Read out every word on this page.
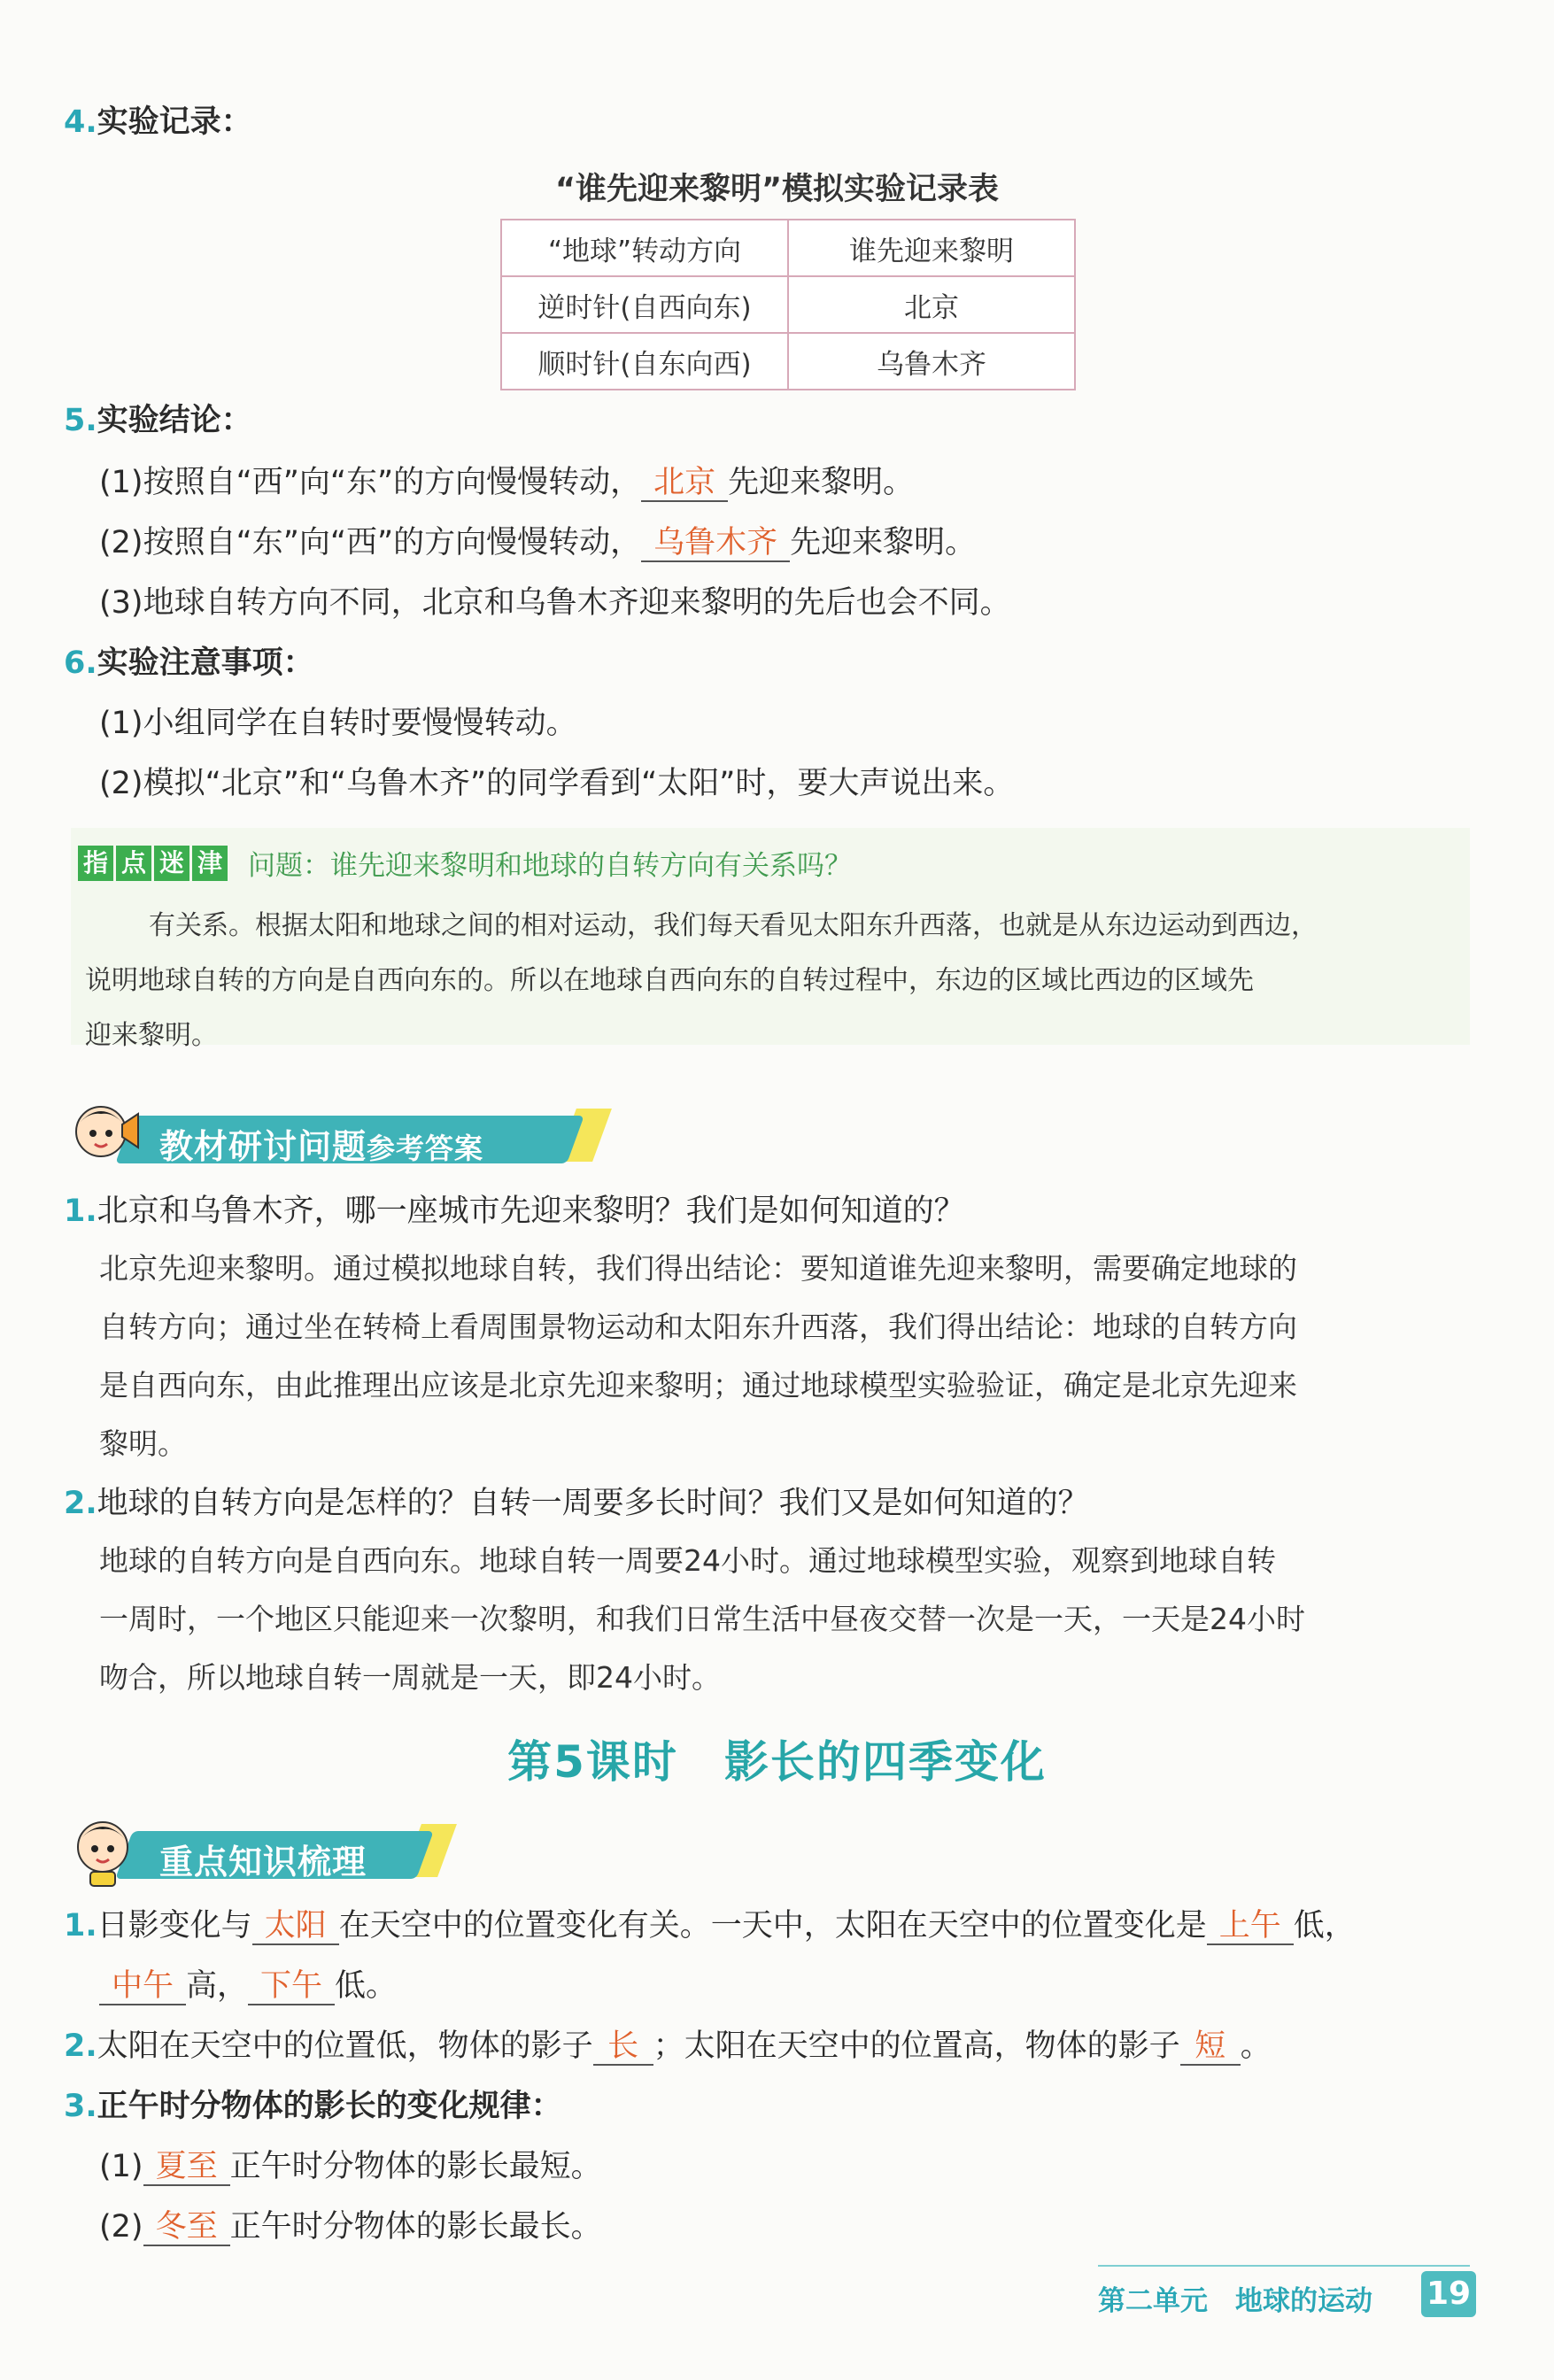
4.实验记录：
“谁先迎来黎明”模拟实验记录表
“地球”转动方向	谁先迎来黎明
逆时针(自西向东)	北京
顺时针(自东向西)	乌鲁木齐
5.实验结论：
(1)按照自“西”向“东”的方向慢慢转动， 北京 先迎来黎明。
(2)按照自“东”向“西”的方向慢慢转动， 乌鲁木齐 先迎来黎明。
(3)地球自转方向不同，北京和乌鲁木齐迎来黎明的先后也会不同。
6.实验注意事项：
(1)小组同学在自转时要慢慢转动。
(2)模拟“北京”和“乌鲁木齐”的同学看到“太阳”时，要大声说出来。
指 点 迷 津 问题：谁先迎来黎明和地球的自转方向有关系吗？
有关系。根据太阳和地球之间的相对运动，我们每天看见太阳东升西落，也就是从东边运动到西边，
说明地球自转的方向是自西向东的。所以在地球自西向东的自转过程中，东边的区域比西边的区域先
迎来黎明。
教材研讨问题参考答案
1.北京和乌鲁木齐，哪一座城市先迎来黎明？我们是如何知道的？
北京先迎来黎明。通过模拟地球自转，我们得出结论：要知道谁先迎来黎明，需要确定地球的
自转方向；通过坐在转椅上看周围景物运动和太阳东升西落，我们得出结论：地球的自转方向
是自西向东，由此推理出应该是北京先迎来黎明；通过地球模型实验验证，确定是北京先迎来
黎明。
2.地球的自转方向是怎样的？自转一周要多长时间？我们又是如何知道的？
地球的自转方向是自西向东。地球自转一周要24小时。通过地球模型实验，观察到地球自转
一周时，一个地区只能迎来一次黎明，和我们日常生活中昼夜交替一次是一天，一天是24小时
吻合，所以地球自转一周就是一天，即24小时。
第5课时　影长的四季变化
重点知识梳理
1.日影变化与 太阳 在天空中的位置变化有关。一天中，太阳在天空中的位置变化是 上午 低，
中午 高， 下午 低。
2.太阳在天空中的位置低，物体的影子 长 ；太阳在天空中的位置高，物体的影子 短 。
3.正午时分物体的影长的变化规律：
(1) 夏至 正午时分物体的影长最短。
(2) 冬至 正午时分物体的影长最长。
第二单元　地球的运动 19
